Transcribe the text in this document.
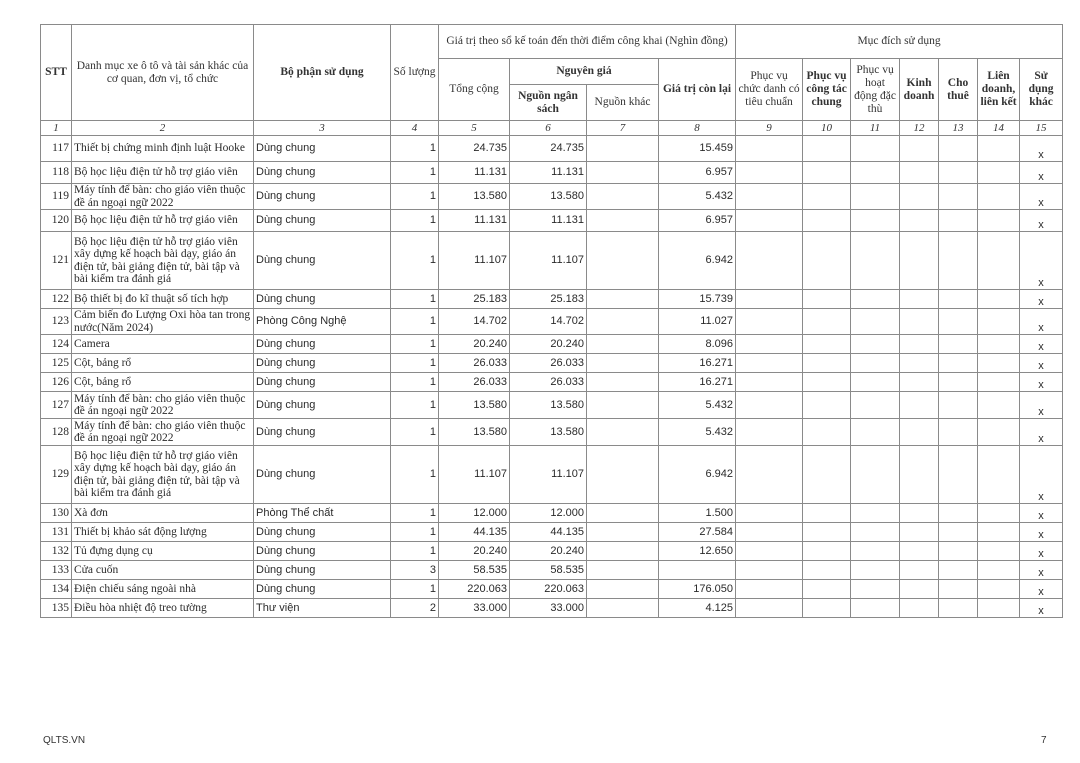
STT	Danh mục xe ô tô và tài sản khác của cơ quan, đơn vị, tổ chức	Bộ phận sử dụng	Số lượng	Giá trị theo sổ kế toán đến thời điểm công khai (Nghìn đồng)				Mục đích sử dụng						
				Tổng cộng	Nguyên giá		Giá trị còn lại	Phục vụ chức danh có tiêu chuẩn	Phục vụ công tác chung	Phục vụ hoạt động đặc thù	Kinh doanh	Cho thuê	Liên doanh, liên kết	Sử dụng khác
					Nguồn ngân sách	Nguồn khác								
1	2	3	4	5	6	7	8	9	10	11	12	13	14	15
117	Thiết bị chứng minh định luật Hooke	Dùng chung	1	24.735	24.735		15.459							x
118	Bộ học liệu điện tử hỗ trợ giáo viên	Dùng chung	1	11.131	11.131		6.957							x
119	Máy tính để bàn: cho giáo viên thuộc đề án ngoại ngữ 2022	Dùng chung	1	13.580	13.580		5.432							x
120	Bộ học liệu điện tử hỗ trợ giáo viên	Dùng chung	1	11.131	11.131		6.957							x
121	Bộ học liệu điện tử hỗ trợ giáo viên xây dựng kế hoạch bài dạy, giáo án điện tử, bài giảng điện tử, bài tập và bài kiểm tra đánh giá	Dùng chung	1	11.107	11.107		6.942							x
122	Bộ thiết bị đo kĩ thuật số tích hợp	Dùng chung	1	25.183	25.183		15.739							x
123	Cảm biến đo Lượng Oxi hòa tan trong nước(Năm 2024)	Phòng Công Nghệ	1	14.702	14.702		11.027							x
124	Camera	Dùng chung	1	20.240	20.240		8.096							x
125	Cột, bảng rổ	Dùng chung	1	26.033	26.033		16.271							x
126	Cột, bảng rổ	Dùng chung	1	26.033	26.033		16.271							x
127	Máy tính để bàn: cho giáo viên thuộc đề án ngoại ngữ 2022	Dùng chung	1	13.580	13.580		5.432							x
128	Máy tính để bàn: cho giáo viên thuộc đề án ngoại ngữ 2022	Dùng chung	1	13.580	13.580		5.432							x
129	Bộ học liệu điện tử hỗ trợ giáo viên xây dựng kế hoạch bài dạy, giáo án điện tử, bài giảng điện tử, bài tập và bài kiểm tra đánh giá	Dùng chung	1	11.107	11.107		6.942							x
130	Xà đơn	Phòng Thể chất	1	12.000	12.000		1.500							x
131	Thiết bị khảo sát động lượng	Dùng chung	1	44.135	44.135		27.584							x
132	Tủ đựng dụng cụ	Dùng chung	1	20.240	20.240		12.650							x
133	Cửa cuốn	Dùng chung	3	58.535	58.535									x
134	Điện chiếu sáng ngoài nhà	Dùng chung	1	220.063	220.063		176.050							x
135	Điều hòa nhiệt độ treo tường	Thư viện	2	33.000	33.000		4.125							x
QLTS.VN	7
